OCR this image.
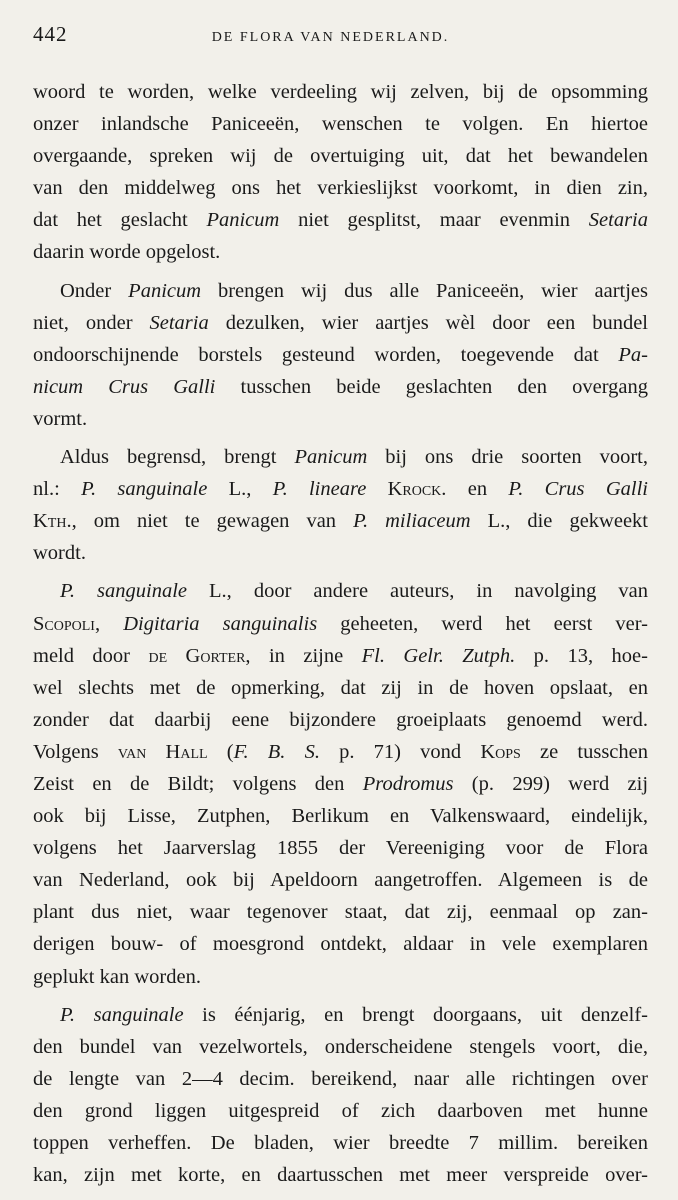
442	DE FLORA VAN NEDERLAND.
woord te worden, welke verdeeling wij zelven, bij de opsomming
onzer inlandsche Paniceeën, wenschen te volgen. En hiertoe
overgaande, spreken wij de overtuiging uit, dat het bewandelen
van den middelweg ons het verkieslijkst voorkomt, in dien zin,
dat het geslacht Panicum niet gesplitst, maar evenmin Setaria
daarin worde opgelost.
Onder Panicum brengen wij dus alle Paniceeën, wier aartjes
niet, onder Setaria dezulken, wier aartjes wèl door een bundel
ondoorschijnende borstels gesteund worden, toegevende dat Pa-
nicum Crus Galli tusschen beide geslachten den overgang
vormt.
Aldus begrensd, brengt Panicum bij ons drie soorten voort,
nl.: P. sanguinale L., P. lineare Krock. en P. Crus Galli
Kth., om niet te gewagen van P. miliaceum L., die gekweekt
wordt.
P. sanguinale L., door andere auteurs, in navolging van
Scopoli, Digitaria sanguinalis geheeten, werd het eerst ver-
meld door de Gorter, in zijne Fl. Gelr. Zutph. p. 13, hoe-
wel slechts met de opmerking, dat zij in de hoven opslaat, en
zonder dat daarbij eene bijzondere groeiplaats genoemd werd.
Volgens van Hall (F. B. S. p. 71) vond Kops ze tusschen
Zeist en de Bildt; volgens den Prodromus (p. 299) werd zij
ook bij Lisse, Zutphen, Berlikum en Valkenswaard, eindelijk,
volgens het Jaarverslag 1855 der Vereeniging voor de Flora
van Nederland, ook bij Apeldoorn aangetroffen. Algemeen is de
plant dus niet, waar tegenover staat, dat zij, eenmaal op zan-
derigen bouw- of moesgrond ontdekt, aldaar in vele exemplaren
geplukt kan worden.
P. sanguinale is éénjarig, en brengt doorgaans, uit denzelf-
den bundel van vezelwortels, onderscheidene stengels voort, die,
de lengte van 2—4 decim. bereikend, naar alle richtingen over
den grond liggen uitgespreid of zich daarboven met hunne
toppen verheffen. De bladen, wier breedte 7 millim. bereiken
kan, zijn met korte, en daartusschen met meer verspreide over-
